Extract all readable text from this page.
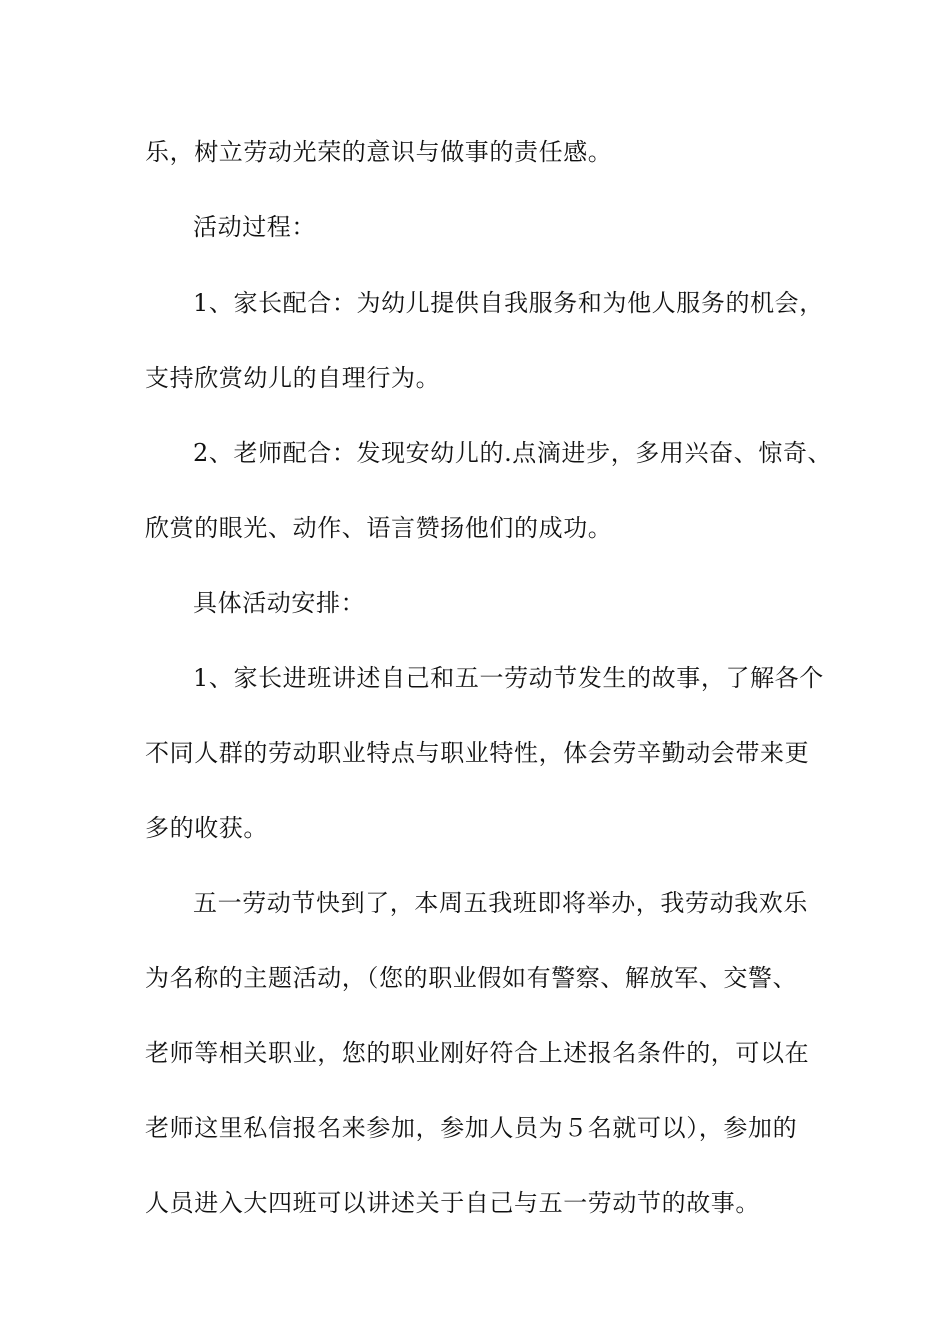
乐，树立劳动光荣的意识与做事的责任感。
活动过程：
1、家长配合：为幼儿提供自我服务和为他人服务的机会，
支持欣赏幼儿的自理行为。
2、老师配合：发现安幼儿的.点滴进步，多用兴奋、惊奇、
欣赏的眼光、动作、语言赞扬他们的成功。
具体活动安排：
1、家长进班讲述自己和五一劳动节发生的故事，了解各个
不同人群的劳动职业特点与职业特性，体会劳辛勤动会带来更
多的收获。
五一劳动节快到了，本周五我班即将举办，我劳动我欢乐
为名称的主题活动，（您的职业假如有警察、解放军、交警、
老师等相关职业，您的职业刚好符合上述报名条件的，可以在
老师这里私信报名来参加，参加人员为５名就可以），参加的
人员进入大四班可以讲述关于自己与五一劳动节的故事。
